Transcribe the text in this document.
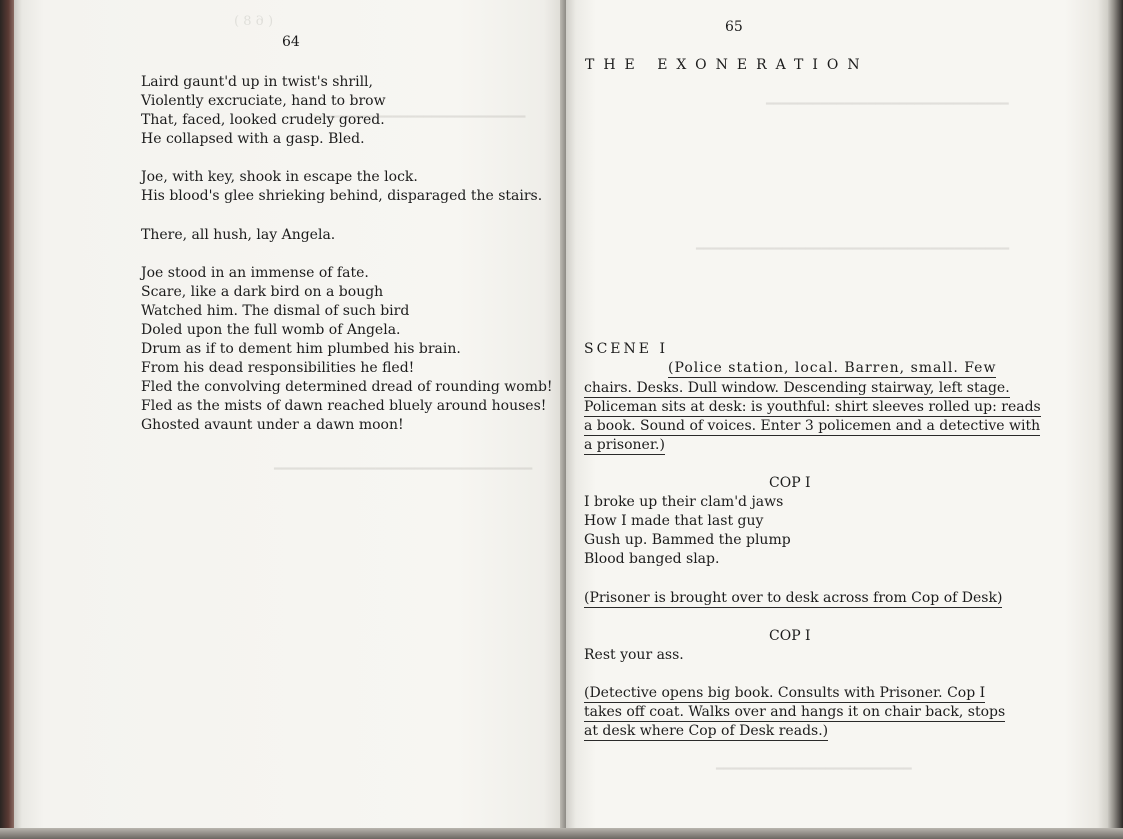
( 6 8 )
━━━━━━━━━━━━━━━━━━━━━━━━━━━
━━━━━━━━━━━━━━━━━━━━━━━━━━━━━━━━━
64
Laird gaunt'd up in twist's shrill,
Violently excruciate, hand to brow
That, faced, looked crudely gored.
He collapsed with a gasp. Bled.
Joe, with key, shook in escape the lock.
His blood's glee shrieking behind, disparaged the stairs.
There, all hush, lay Angela.
Joe stood in an immense of fate.
Scare, like a dark bird on a bough
Watched him. The dismal of such bird
Doled upon the full womb of Angela.
Drum as if to dement him plumbed his brain.
From his dead responsibilities he fled!
Fled the convolving determined dread of rounding womb!
Fled as the mists of dawn reached bluely around houses!
Ghosted avaunt under a dawn moon!
━━━━━━━━━━━━━━━━━━━━━━━━━━━━━━━
━━━━━━━━━━━━━━━━━━━━━━━━━━━━━━━━━━━━━━━━
━━━━━━━━━━━━━━━━━━━━━━━━━
65
THE EXONERATION
SCENE I
(Police station, local. Barren, small. Few
chairs. Desks. Dull window. Descending stairway, left stage.
Policeman sits at desk: is youthful: shirt sleeves rolled up: reads
a book. Sound of voices. Enter 3 policemen and a detective with
a prisoner.)
COP I
I broke up their clam'd jaws
How I made that last guy
Gush up. Bammed the plump
Blood banged slap.
(Prisoner is brought over to desk across from Cop of Desk)
COP I
Rest your ass.
(Detective opens big book. Consults with Prisoner. Cop I
takes off coat. Walks over and hangs it on chair back, stops
at desk where Cop of Desk reads.)
